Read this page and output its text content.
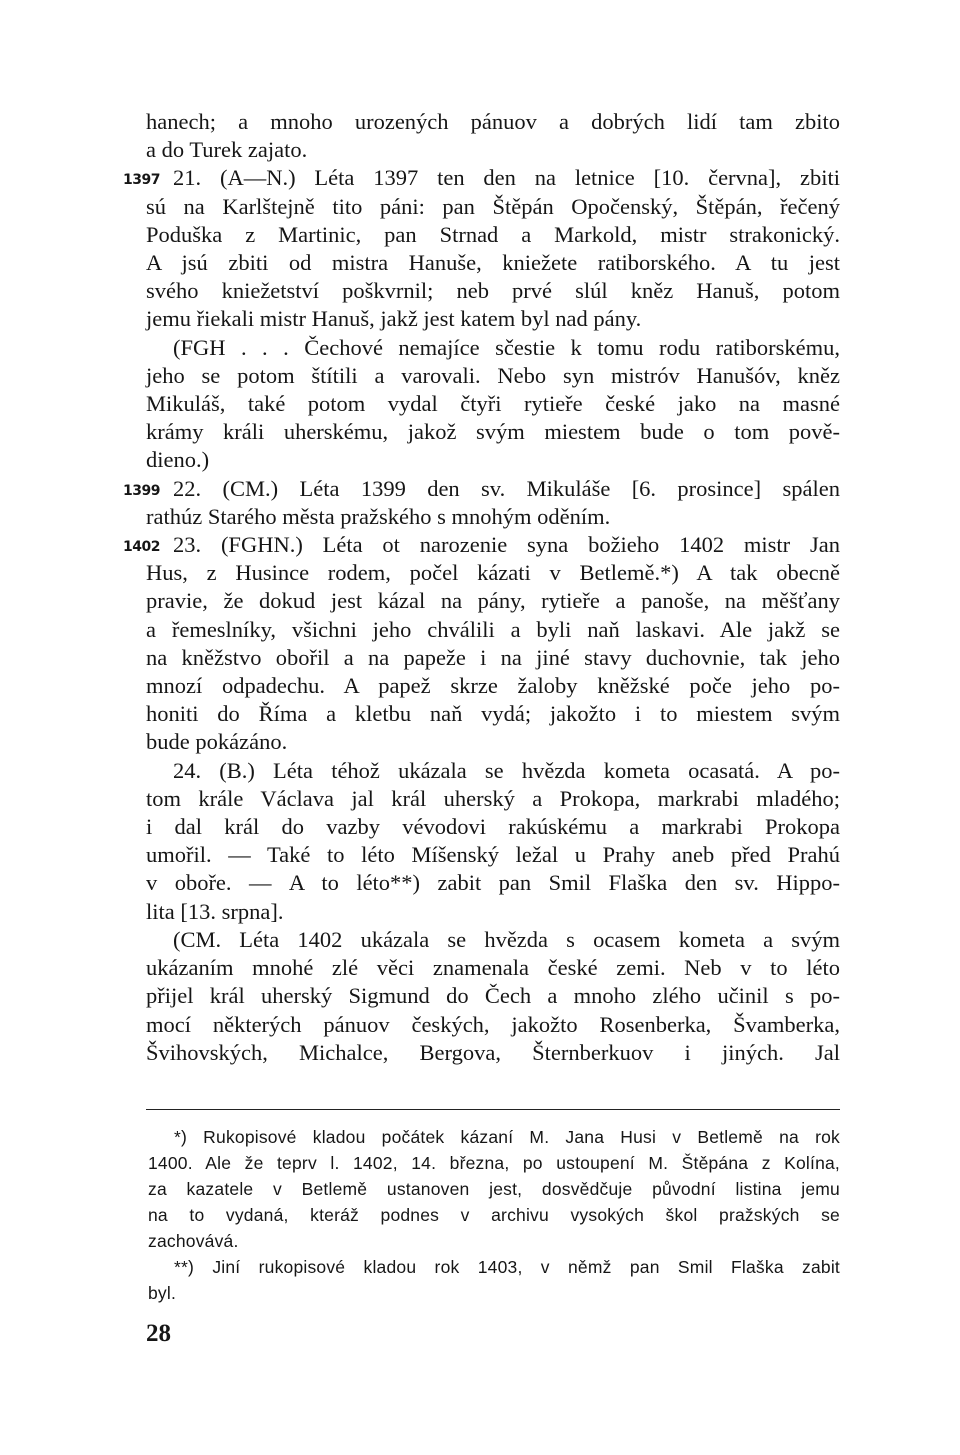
hanech; a mnoho urozených pánuov a dobrých lidí tam zbito
a do Turek zajato.
1397 21. (A—N.) Léta 1397 ten den na letnice [10. června], zbiti
sú na Karlštejně tito páni: pan Štěpán Opočenský, Štěpán, řečený
Poduška z Martinic, pan Strnad a Markold, mistr strakonický.
A jsú zbiti od mistra Hanuše, kniežete ratiborského. A tu jest
svého kniežetství poškvrnil; neb prvé slúl kněz Hanuš, potom
jemu řiekali mistr Hanuš, jakž jest katem byl nad pány.
(FGH . . . Čechové nemajíce sčestie k tomu rodu ratiborskému,
jeho se potom štítili a varovali. Nebo syn mistróv Hanušóv, kněz
Mikuláš, také potom vydal čtyři rytieře české jako na masné
krámy králi uherskému, jakož svým miestem bude o tom pově-
dieno.)
1399 22. (CM.) Léta 1399 den sv. Mikuláše [6. prosince] spálen
rathúz Starého města pražského s mnohým oděním.
1402 23. (FGHN.) Léta ot narozenie syna božieho 1402 mistr Jan
Hus, z Husince rodem, počel kázati v Betlemě.*) A tak obecně
pravie, že dokud jest kázal na pány, rytieře a panoše, na měšťany
a řemeslníky, všichni jeho chválili a byli naň laskavi. Ale jakž se
na kněžstvo obořil a na papeže i na jiné stavy duchovnie, tak jeho
mnozí odpadechu. A papež skrze žaloby kněžské poče jeho po-
honiti do Říma a kletbu naň vydá; jakožto i to miestem svým
bude pokázáno.
24. (B.) Léta téhož ukázala se hvězda kometa ocasatá. A po-
tom krále Václava jal král uherský a Prokopa, markrabi mladého;
i dal král do vazby vévodovi rakúskému a markrabi Prokopa
umořil. — Také to léto Míšenský ležal u Prahy aneb před Prahú
v obořе. — A to léto**) zabit pan Smil Flaška den sv. Hippo-
lita [13. srpna].
(CM. Léta 1402 ukázala se hvězda s ocasem kometa a svým
ukázaním mnohé zlé věci znamenala české zemi. Neb v to léto
přijel král uherský Sigmund do Čech a mnoho zlého učinil s po-
mocí některých pánuov českých, jakožto Rosenberka, Švamberka,
Švihovských, Michalce, Bergova, Šternberkuov i jiných. Jal
*) Rukopisové kladou počátek kázaní M. Jana Husi v Betlemě na rok
1400. Ale že teprv l. 1402, 14. března, po ustoupení M. Štěpána z Kolína,
za kazatele v Betlemě ustanoven jest, dosvědčuje původní listina jemu
na to vydaná, kteráž podnes v archivu vysokých škol pražských se
zachovává.
**) Jiní rukopisové kladou rok 1403, v němž pan Smil Flaška zabit
byl.
28
